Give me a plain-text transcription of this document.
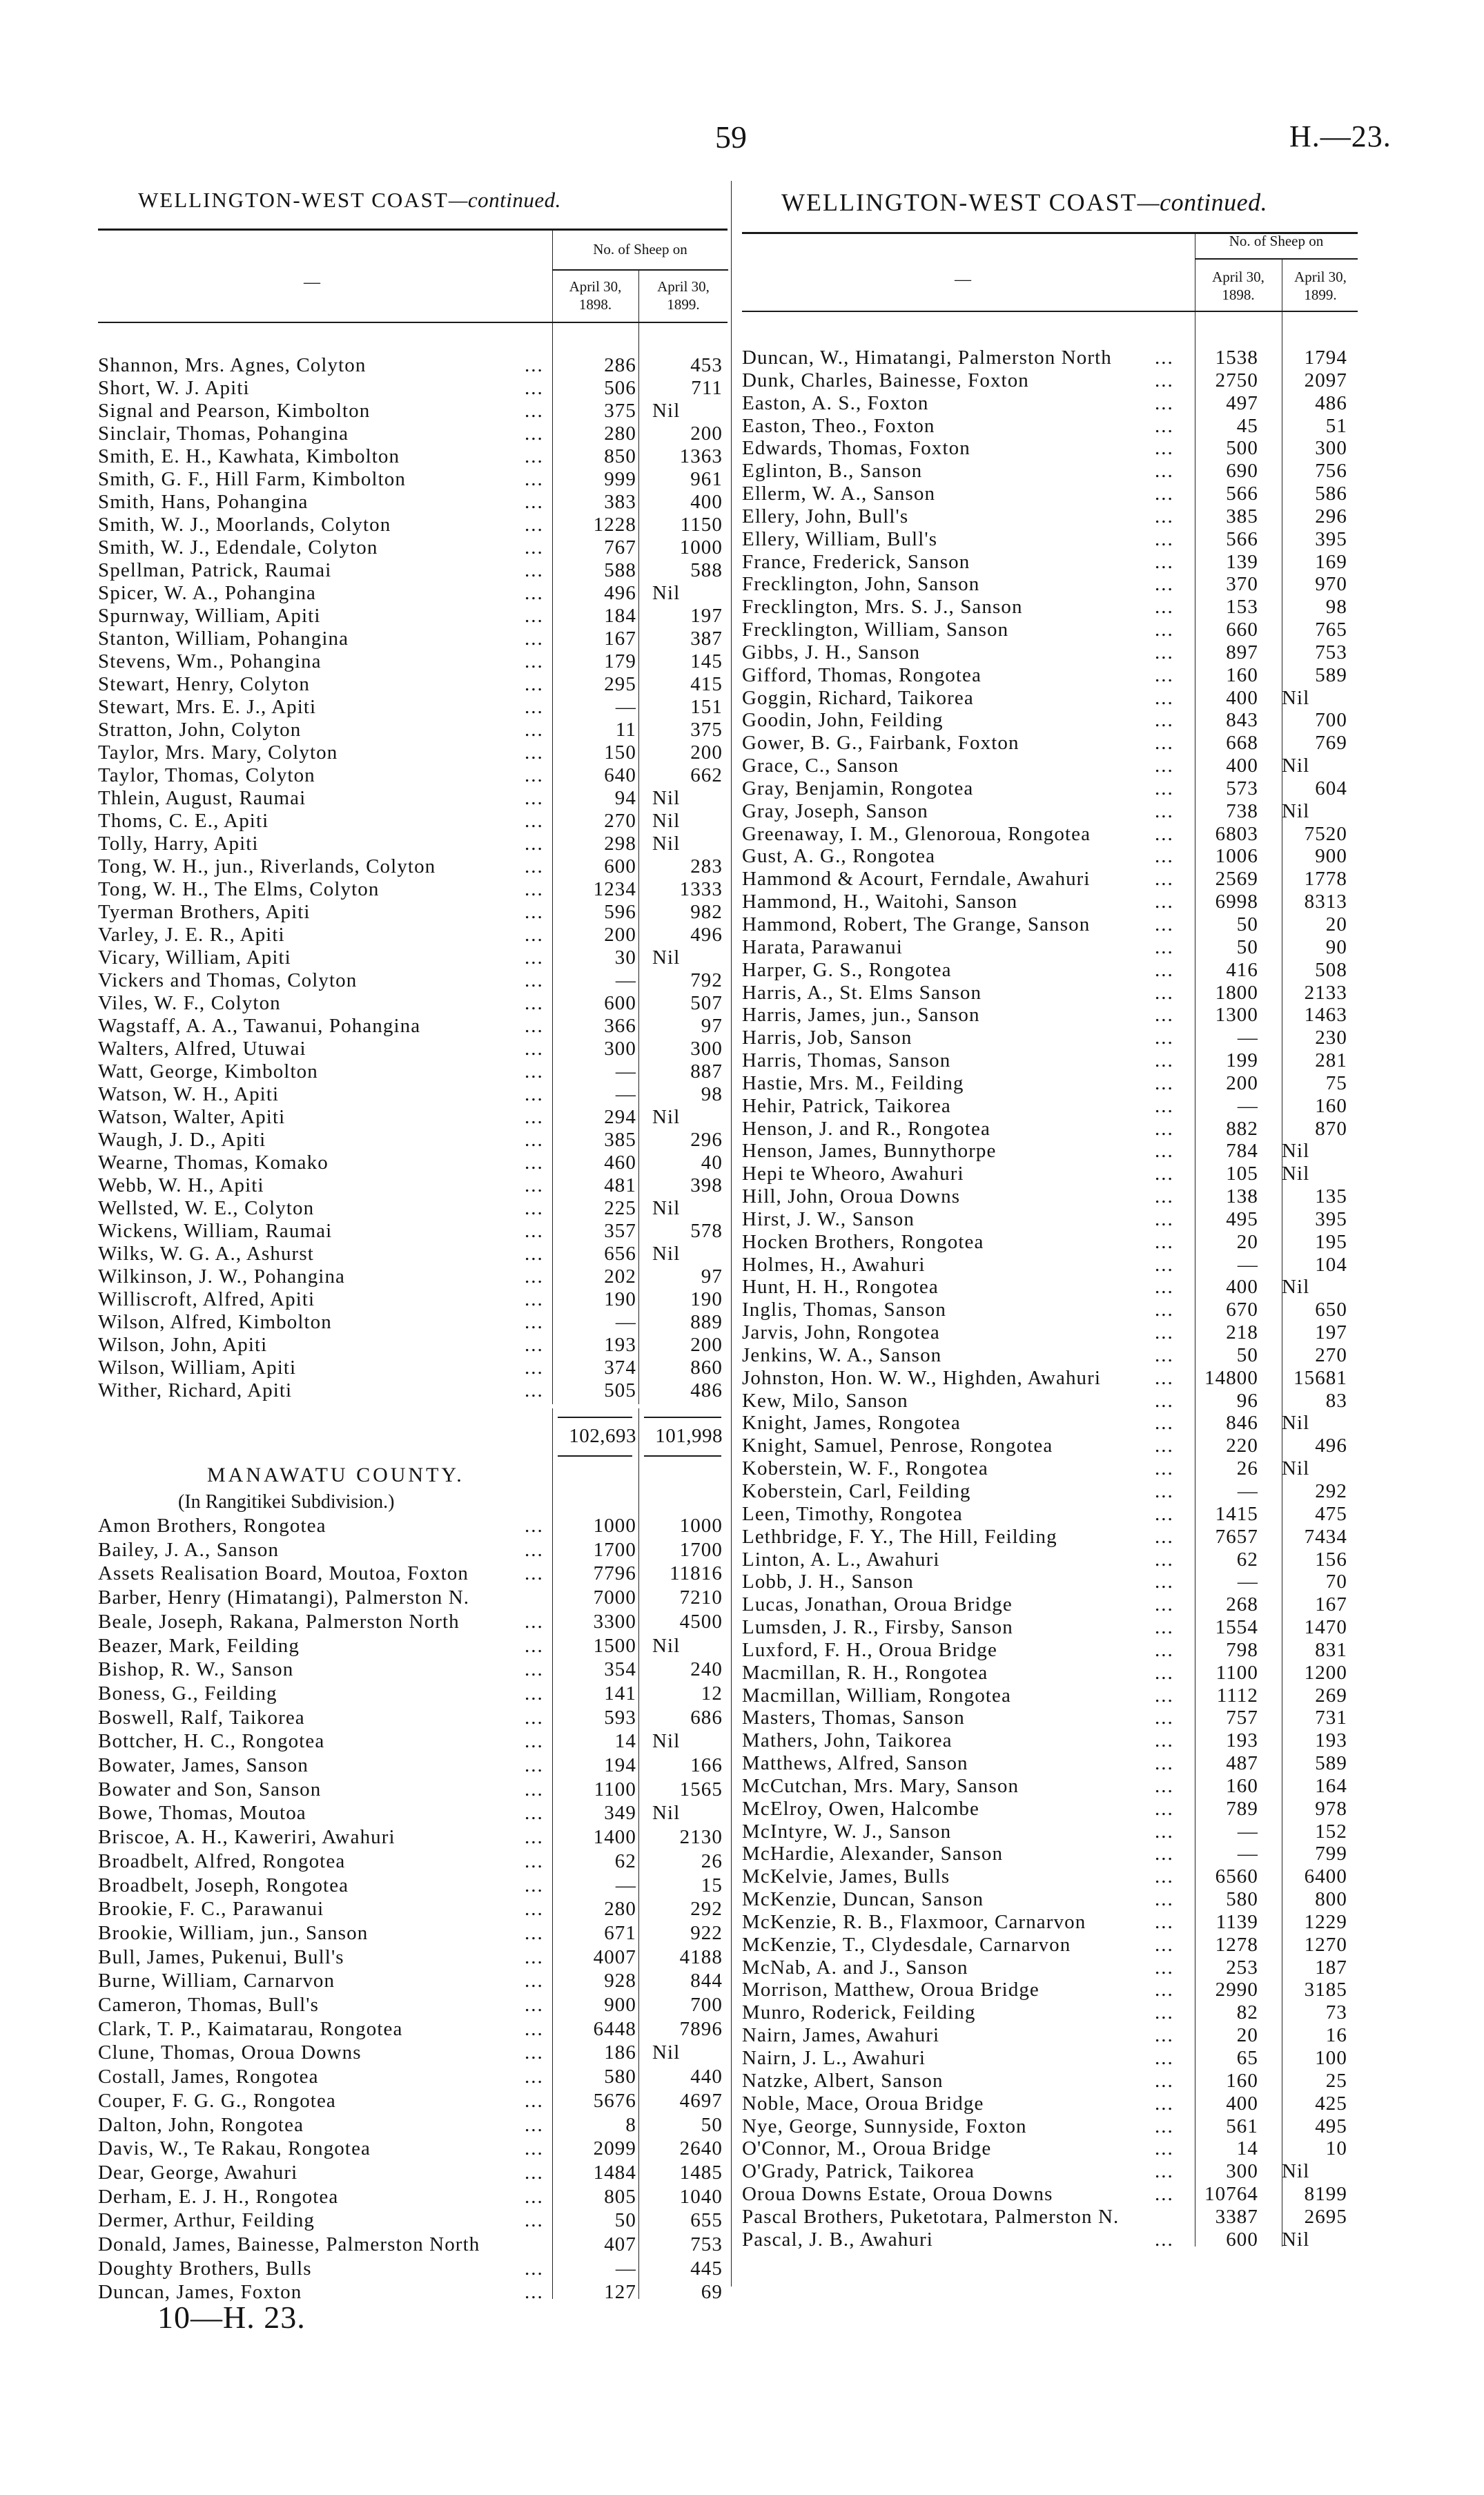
59	H.—23.
WELLINGTON-WEST COAST—continued.
No. of Sheep on
April 30,
1898.
April 30,
1899.
—
Shannon, Mrs. Agnes, Colyton	...	286	453
Short, W. J. Apiti	...	506	711
Signal and Pearson, Kimbolton	...	375 Nil
Sinclair, Thomas, Pohangina	...	280	200
Smith, E. H., Kawhata, Kimbolton	...	850	1363
Smith, G. F., Hill Farm, Kimbolton	...	999	961
Smith, Hans, Pohangina	...	383	400
Smith, W. J., Moorlands, Colyton	...	1228	1150
Smith, W. J., Edendale, Colyton	...	767	1000
Spellman, Patrick, Raumai	...	588	588
Spicer, W. A., Pohangina	...	496 Nil
Spurnway, William, Apiti	...	184	197
Stanton, William, Pohangina	...	167	387
Stevens, Wm., Pohangina	...	179	145
Stewart, Henry, Colyton	...	295	415
Stewart, Mrs. E. J., Apiti	...	—	151
Stratton, John, Colyton	...	11	375
Taylor, Mrs. Mary, Colyton	...	150	200
Taylor, Thomas, Colyton	...	640	662
Thlein, August, Raumai	...	94 Nil
Thoms, C. E., Apiti	...	270 Nil
Tolly, Harry, Apiti	...	298 Nil
Tong, W. H., jun., Riverlands, Colyton	...	600	283
Tong, W. H., The Elms, Colyton	...	1234	1333
Tyerman Brothers, Apiti	...	596	982
Varley, J. E. R., Apiti	...	200	496
Vicary, William, Apiti	...	30 Nil
Vickers and Thomas, Colyton	...	—	792
Viles, W. F., Colyton	...	600	507
Wagstaff, A. A., Tawanui, Pohangina	...	366	97
Walters, Alfred, Utuwai	...	300	300
Watt, George, Kimbolton	...	—	887
Watson, W. H., Apiti	...	—	98
Watson, Walter, Apiti	...	294 Nil
Waugh, J. D., Apiti	...	385	296
Wearne, Thomas, Komako	...	460	40
Webb, W. H., Apiti	...	481	398
Wellsted, W. E., Colyton	...	225 Nil
Wickens, William, Raumai	...	357	578
Wilks, W. G. A., Ashurst	...	656 Nil
Wilkinson, J. W., Pohangina	...	202	97
Williscroft, Alfred, Apiti	...	190	190
Wilson, Alfred, Kimbolton	...	—	889
Wilson, John, Apiti	...	193	200
Wilson, William, Apiti	...	374	860
Wither, Richard, Apiti	...	505	486
102,693 101,998
MANAWATU COUNTY.
(In Rangitikei Subdivision.)
Amon Brothers, Rongotea	...	1000	1000
Bailey, J. A., Sanson	...	1700	1700
Assets Realisation Board, Moutoa, Foxton	...	7796	11816
Barber, Henry (Himatangi), Palmerston N.	7000	7210
Beale, Joseph, Rakana, Palmerston North	...	3300	4500
Beazer, Mark, Feilding	...	1500 Nil
Bishop, R. W., Sanson	...	354	240
Boness, G., Feilding	...	141	12
Boswell, Ralf, Taikorea	...	593	686
Bottcher, H. C., Rongotea	...	14 Nil
Bowater, James, Sanson	...	194	166
Bowater and Son, Sanson	...	1100	1565
Bowe, Thomas, Moutoa	...	349 Nil
Briscoe, A. H., Kaweriri, Awahuri	...	1400	2130
Broadbelt, Alfred, Rongotea	...	62	26
Broadbelt, Joseph, Rongotea	...	—	15
Brookie, F. C., Parawanui	...	280	292
Brookie, William, jun., Sanson	...	671	922
Bull, James, Pukenui, Bull's	...	4007	4188
Burne, William, Carnarvon	...	928	844
Cameron, Thomas, Bull's	...	900	700
Clark, T. P., Kaimatarau, Rongotea	...	6448	7896
Clune, Thomas, Oroua Downs	...	186 Nil
Costall, James, Rongotea	...	580	440
Couper, F. G. G., Rongotea	...	5676	4697
Dalton, John, Rongotea	...	8	50
Davis, W., Te Rakau, Rongotea	...	2099	2640
Dear, George, Awahuri	...	1484	1485
Derham, E. J. H., Rongotea	...	805	1040
Dermer, Arthur, Feilding	...	50	655
Donald, James, Bainesse, Palmerston North	407	753
Doughty Brothers, Bulls	...	—	445
Duncan, James, Foxton	...	127	69
WELLINGTON-WEST COAST—continued.
No. of Sheep on
April 30,
1898.
April 30,
1899.
—
Duncan, W., Himatangi, Palmerston North ...	1538	1794
Dunk, Charles, Bainesse, Foxton	...	2750	2097
Easton, A. S., Foxton	...	497	486
Easton, Theo., Foxton	...	45	51
Edwards, Thomas, Foxton	...	500	300
Eglinton, B., Sanson	...	690	756
Ellerm, W. A., Sanson	...	566	586
Ellery, John, Bull's	...	385	296
Ellery, William, Bull's	...	566	395
France, Frederick, Sanson	...	139	169
Frecklington, John, Sanson	...	370	970
Frecklington, Mrs. S. J., Sanson	...	153	98
Frecklington, William, Sanson	...	660	765
Gibbs, J. H., Sanson	...	897	753
Gifford, Thomas, Rongotea	...	160	589
Goggin, Richard, Taikorea	...	400 Nil
Goodin, John, Feilding	...	843	700
Gower, B. G., Fairbank, Foxton	...	668	769
Grace, C., Sanson	...	400 Nil
Gray, Benjamin, Rongotea	...	573	604
Gray, Joseph, Sanson	...	738 Nil
Greenaway, I. M., Glenoroua, Rongotea	...	6803	7520
Gust, A. G., Rongotea	...	1006	900
Hammond & Acourt, Ferndale, Awahuri	...	2569	1778
Hammond, H., Waitohi, Sanson	...	6998	8313
Hammond, Robert, The Grange, Sanson	...	50	20
Harata, Parawanui	...	50	90
Harper, G. S., Rongotea	...	416	508
Harris, A., St. Elms Sanson	...	1800	2133
Harris, James, jun., Sanson	...	1300	1463
Harris, Job, Sanson	...	—	230
Harris, Thomas, Sanson	...	199	281
Hastie, Mrs. M., Feilding	...	200	75
Hehir, Patrick, Taikorea	...	—	160
Henson, J. and R., Rongotea	...	882	870
Henson, James, Bunnythorpe	...	784 Nil
Hepi te Wheoro, Awahuri	...	105 Nil
Hill, John, Oroua Downs	...	138	135
Hirst, J. W., Sanson	...	495	395
Hocken Brothers, Rongotea	...	20	195
Holmes, H., Awahuri	...	—	104
Hunt, H. H., Rongotea	...	400 Nil
Inglis, Thomas, Sanson	...	670	650
Jarvis, John, Rongotea	...	218	197
Jenkins, W. A., Sanson	...	50	270
Johnston, Hon. W. W., Highden, Awahuri	...	14800	15681
Kew, Milo, Sanson	...	96	83
Knight, James, Rongotea	...	846 Nil
Knight, Samuel, Penrose, Rongotea	...	220	496
Koberstein, W. F., Rongotea	...	26 Nil
Koberstein, Carl, Feilding	...	—	292
Leen, Timothy, Rongotea	...	1415	475
Lethbridge, F. Y., The Hill, Feilding	...	7657	7434
Linton, A. L., Awahuri	...	62	156
Lobb, J. H., Sanson	...	—	70
Lucas, Jonathan, Oroua Bridge	...	268	167
Lumsden, J. R., Firsby, Sanson	...	1554	1470
Luxford, F. H., Oroua Bridge	...	798	831
Macmillan, R. H., Rongotea	...	1100	1200
Macmillan, William, Rongotea	...	1112	269
Masters, Thomas, Sanson	...	757	731
Mathers, John, Taikorea	...	193	193
Matthews, Alfred, Sanson	...	487	589
McCutchan, Mrs. Mary, Sanson	...	160	164
McElroy, Owen, Halcombe	...	789	978
McIntyre, W. J., Sanson	...	—	152
McHardie, Alexander, Sanson	...	—	799
McKelvie, James, Bulls	...	6560	6400
McKenzie, Duncan, Sanson	...	580	800
McKenzie, R. B., Flaxmoor, Carnarvon	...	1139	1229
McKenzie, T., Clydesdale, Carnarvon	...	1278	1270
McNab, A. and J., Sanson	...	253	187
Morrison, Matthew, Oroua Bridge	...	2990	3185
Munro, Roderick, Feilding	...	82	73
Nairn, James, Awahuri	...	20	16
Nairn, J. L., Awahuri	...	65	100
Natzke, Albert, Sanson	...	160	25
Noble, Mace, Oroua Bridge	...	400	425
Nye, George, Sunnyside, Foxton	...	561	495
O'Connor, M., Oroua Bridge	...	14	10
O'Grady, Patrick, Taikorea	...	300 Nil
Oroua Downs Estate, Oroua Downs	...	10764	8199
Pascal Brothers, Puketotara, Palmerston N.	3387	2695
Pascal, J. B., Awahuri	...	600 Nil
10—H. 23.
